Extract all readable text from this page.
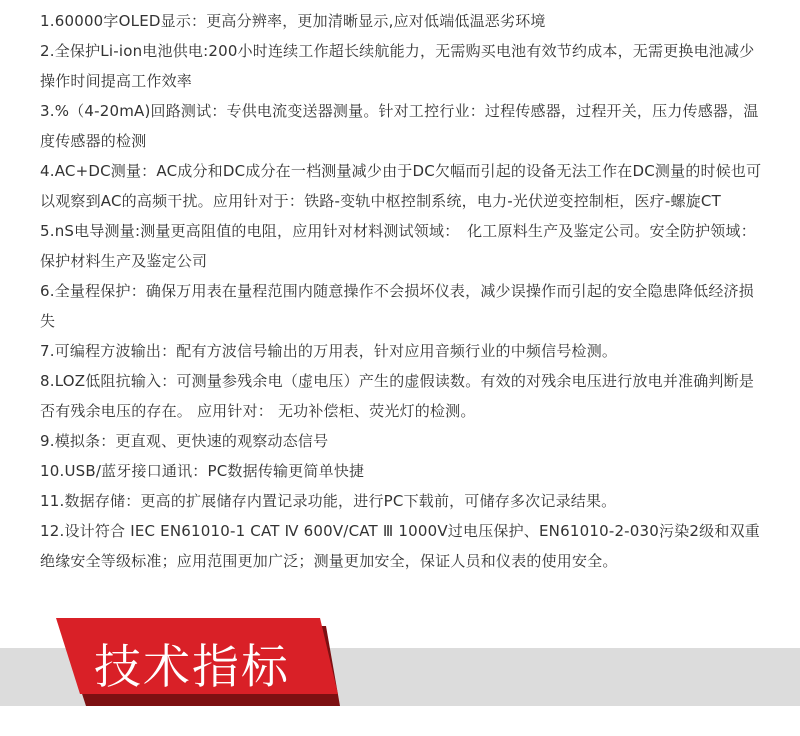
1.60000字OLED显示：更高分辨率，更加清晰显示,应对低端低温恶劣环境
2.全保护Li-ion电池供电:200小时连续工作超长续航能力，无需购买电池有效节约成本，无需更换电池减少操作时间提高工作效率
3.%（4-20mA)回路测试：专供电流变送器测量。针对工控行业：过程传感器，过程开关，压力传感器，温度传感器的检测
4.AC+DC测量：AC成分和DC成分在一档测量减少由于DC欠幅而引起的设备无法工作在DC测量的时候也可以观察到AC的高频干扰。应用针对于：铁路-变轨中枢控制系统，电力-光伏逆变控制柜，医疗-螺旋CT
5.nS电导测量:测量更高阻值的电阻，应用针对材料测试领域：　化工原料生产及鉴定公司。安全防护领域： 保护材料生产及鉴定公司
6.全量程保护：确保万用表在量程范围内随意操作不会损坏仪表，减少误操作而引起的安全隐患降低经济损失
7.可编程方波输出：配有方波信号输出的万用表，针对应用音频行业的中频信号检测。
8.LOZ低阻抗输入：可测量参残余电（虚电压）产生的虚假读数。有效的对残余电压进行放电并准确判断是否有残余电压的存在。 应用针对： 无功补偿柜、荧光灯的检测。
9.模拟条：更直观、更快速的观察动态信号
10.USB/蓝牙接口通讯：PC数据传输更简单快捷
11.数据存储：更高的扩展储存内置记录功能，进行PC下载前，可储存多次记录结果。
12.设计符合 IEC EN61010-1 CAT Ⅳ 600V/CAT Ⅲ 1000V过电压保护、EN61010-2-030污染2级和双重绝缘安全等级标准；应用范围更加广泛；测量更加安全，保证人员和仪表的使用安全。
技术指标
